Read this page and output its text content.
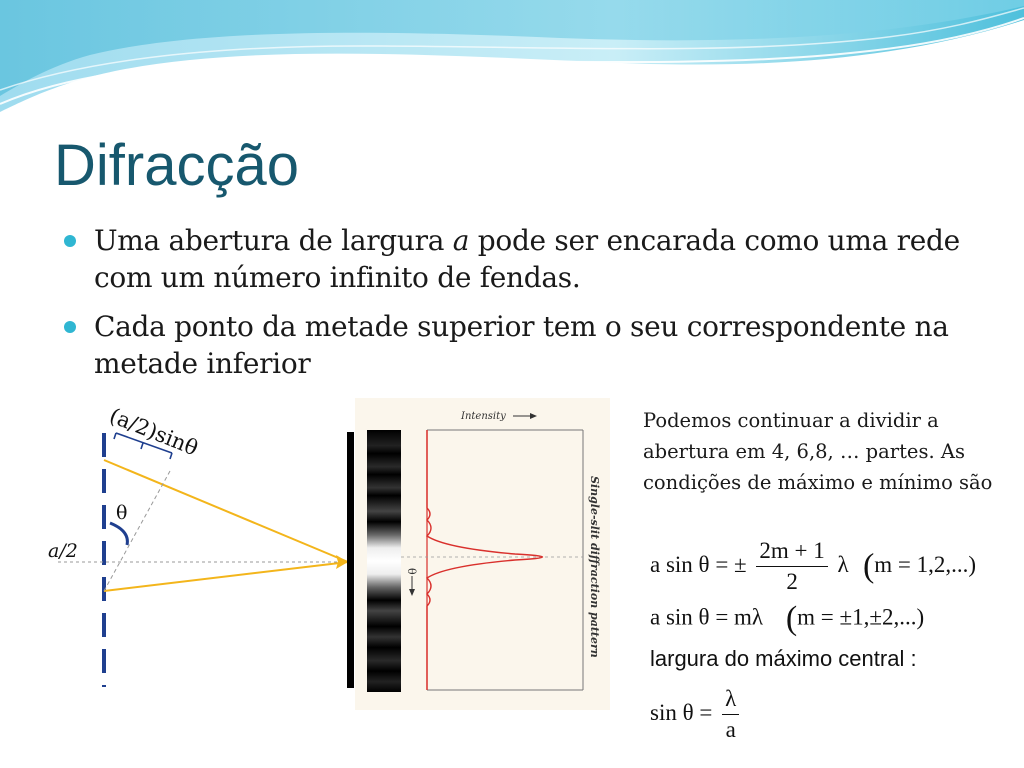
Difracção
Uma abertura de largura a pode ser encarada como uma rede com um número infinito de fendas.
Cada ponto da metade superior tem o seu correspondente na metade inferior
(a/2)sinθ
θ
a/2
Intensity
θ	Single-slit diffraction pattern
Podemos continuar a dividir a abertura em 4, 6,8, … partes. As condições de máximo e mínimo são
a sin θ = ± $\frac{2m + 1}{2}$ λ  (m = 1,2,...)
a sin θ = mλ   (m = ±1,±2,...)
largura do máximo central :
$\sin \theta = \frac{\lambda}{a}$
